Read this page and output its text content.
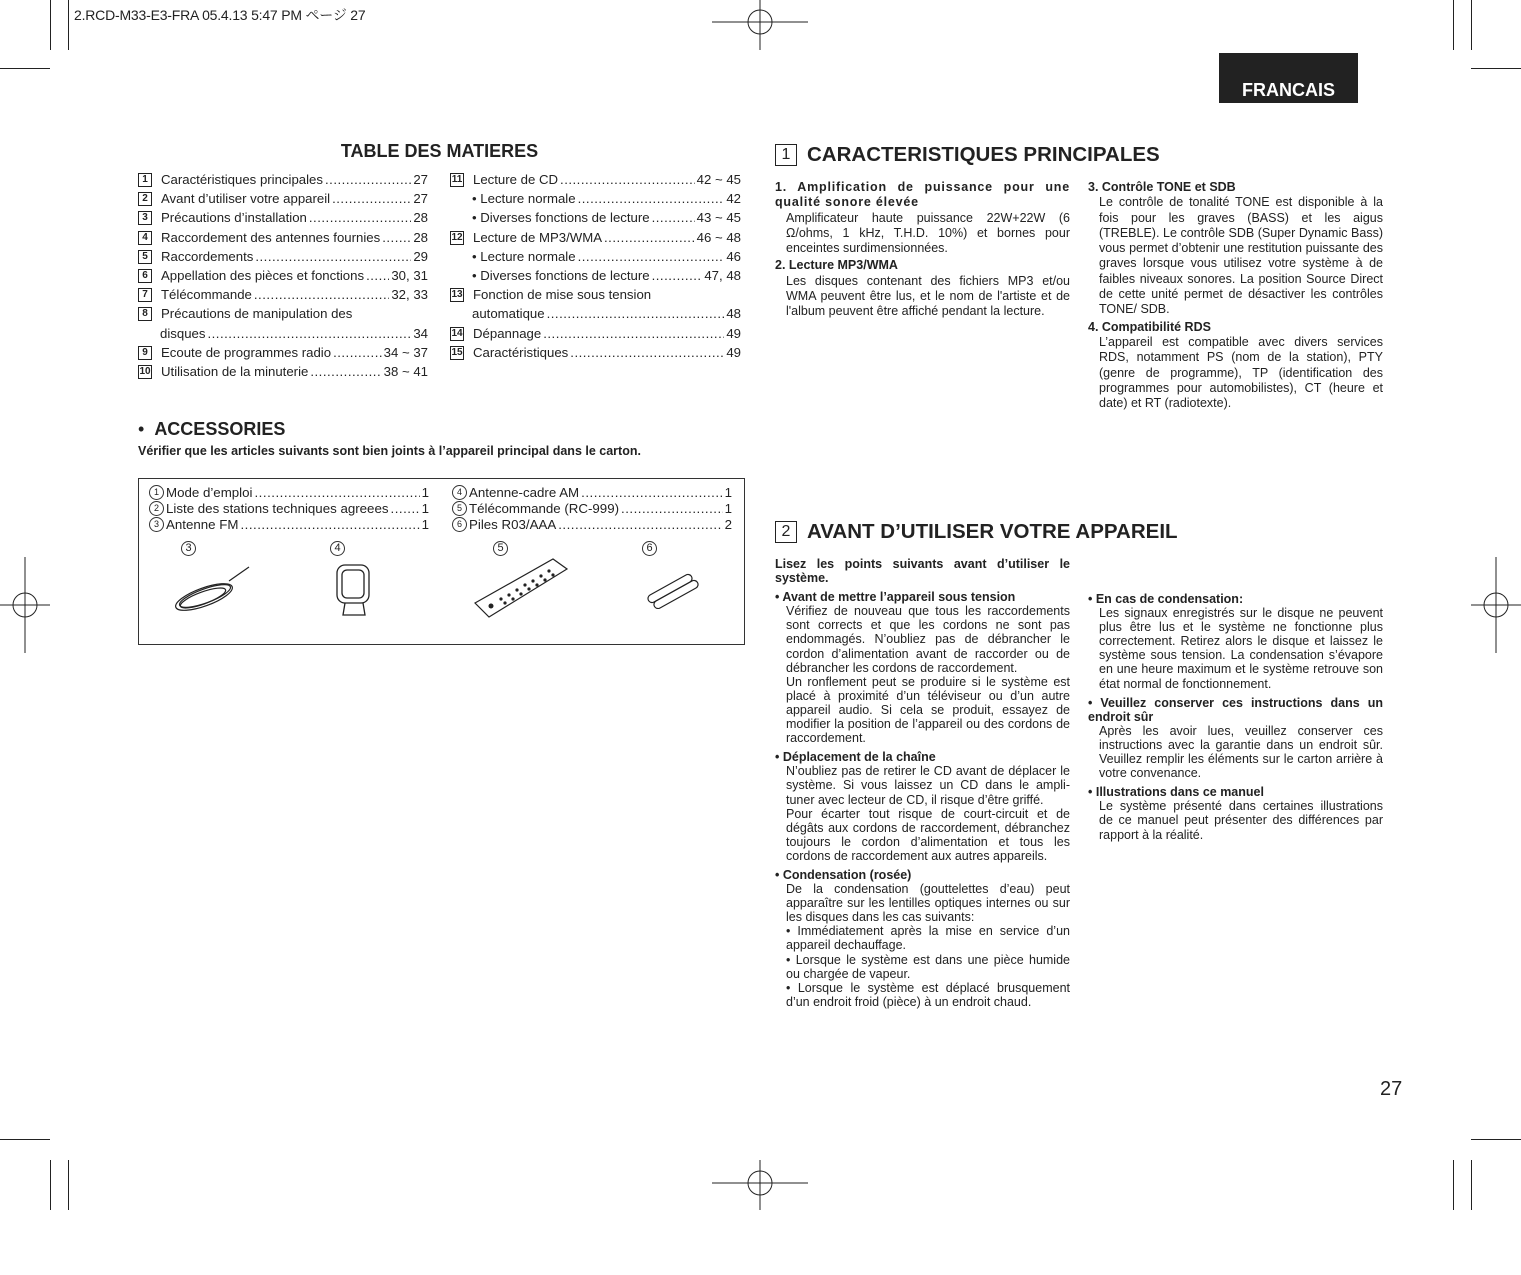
2.RCD-M33-E3-FRA 05.4.13 5:47 PM ページ 27
FRANCAIS
TABLE DES MATIERES
1	Caractéristiques principales .....	27
2	Avant d’utiliser votre appareil .....	27
3	Précautions d’installation .....	28
4	Raccordement des antennes fournies .....	28
5	Raccordements .....	29
6	Appellation des pièces et fonctions ..... 30, 31
7	Télécommande .....	32, 33
8	Précautions de manipulation des
disques .....	34
9	Ecoute de programmes radio .....	34 ~ 37
10 Utilisation de la minuterie .....	38 ~ 41
11 Lecture de CD .....	42 ~ 45
• Lecture normale .....	42
• Diverses fonctions de lecture .....	43 ~ 45
12 Lecture de MP3/WMA .....	46 ~ 48
• Lecture normale .....	46
• Diverses fonctions de lecture .....	47, 48
13 Fonction de mise sous tension
automatique .....	48
14 Dépannage .....	49
15 Caractéristiques .....	49
• ACCESSORIES
Vérifier que les articles suivants sont bien joints à l’appareil principal dans le carton.
1 Mode d’emploi .....	1
2 Liste des stations techniques agreees ..... 1
3 Antenne FM .....	1
4 Antenne-cadre AM .....	1
5 Télécommande (RC-999) .....	1
6 Piles R03/AAA .....	2
3	4	5	6
1 CARACTERISTIQUES PRINCIPALES

1. Amplification de puissance pour une qualité sonore élevée

Amplificateur haute puissance 22W+22W (6 Ω/ohms, 1 kHz, T.H.D. 10%) et bornes pour enceintes surdimensionnées.

2. Lecture MP3/WMA

Les disques contenant des fichiers MP3 et/ou WMA peuvent être lus, et le nom de l'artiste et de l'album peuvent être affiché pendant la lecture.

3. Contrôle TONE et SDB

Le contrôle de tonalité TONE est disponible à la fois pour les graves (BASS) et les aigus (TREBLE). Le contrôle SDB (Super Dynamic Bass) vous permet d’obtenir une restitution puissante des graves lorsque vous utilisez votre système à de faibles niveaux sonores. La position Source Direct de cette unité permet de désactiver les contrôles TONE/ SDB.

4. Compatibilité RDS

L’appareil est compatible avec divers services RDS, notamment PS (nom de la station), PTY (genre de programme), TP (identification des programmes pour automobilistes), CT (heure et date) et RT (radiotexte).

2 AVANT D’UTILISER VOTRE APPAREIL

Lisez les points suivants avant d’utiliser le système.

• Avant de mettre l’appareil sous tension

Vérifiez de nouveau que tous les raccordements sont corrects et que les cordons ne sont pas endommagés. N’oubliez pas de débrancher le cordon d’alimentation avant de raccorder ou de débrancher les cordons de raccordement.

Un ronflement peut se produire si le système est placé à proximité d’un téléviseur ou d’un autre appareil audio. Si cela se produit, essayez de modifier la position de l’appareil ou des cordons de raccordement.

• Déplacement de la chaîne

N’oubliez pas de retirer le CD avant de déplacer le système. Si vous laissez un CD dans le ampli-tuner avec lecteur de CD, il risque d’être griffé.

Pour écarter tout risque de court-circuit et de dégâts aux cordons de raccordement, débranchez toujours le cordon d’alimentation et tous les cordons de raccordement aux autres appareils.

• Condensation (rosée)

De la condensation (gouttelettes d’eau) peut apparaître sur les lentilles optiques internes ou sur les disques dans les cas suivants:

• Immédiatement après la mise en service d’un appareil dechauffage.

• Lorsque le système est dans une pièce humide ou chargée de vapeur.

• Lorsque le système est déplacé brusquement d’un endroit froid (pièce) à un endroit chaud.

• En cas de condensation:

Les signaux enregistrés sur le disque ne peuvent plus être lus et le système ne fonctionne plus correctement. Retirez alors le disque et laissez le système sous tension. La condensation s’évapore en une heure maximum et le système retrouve son état normal de fonctionnement.

• Veuillez conserver ces instructions dans un endroit sûr

Après les avoir lues, veuillez conserver ces instructions avec la garantie dans un endroit sûr. Veuillez remplir les éléments sur le carton arrière à votre convenance.

• Illustrations dans ce manuel

Le système présenté dans certaines illustrations de ce manuel peut présenter des différences par rapport à la réalité.

27
